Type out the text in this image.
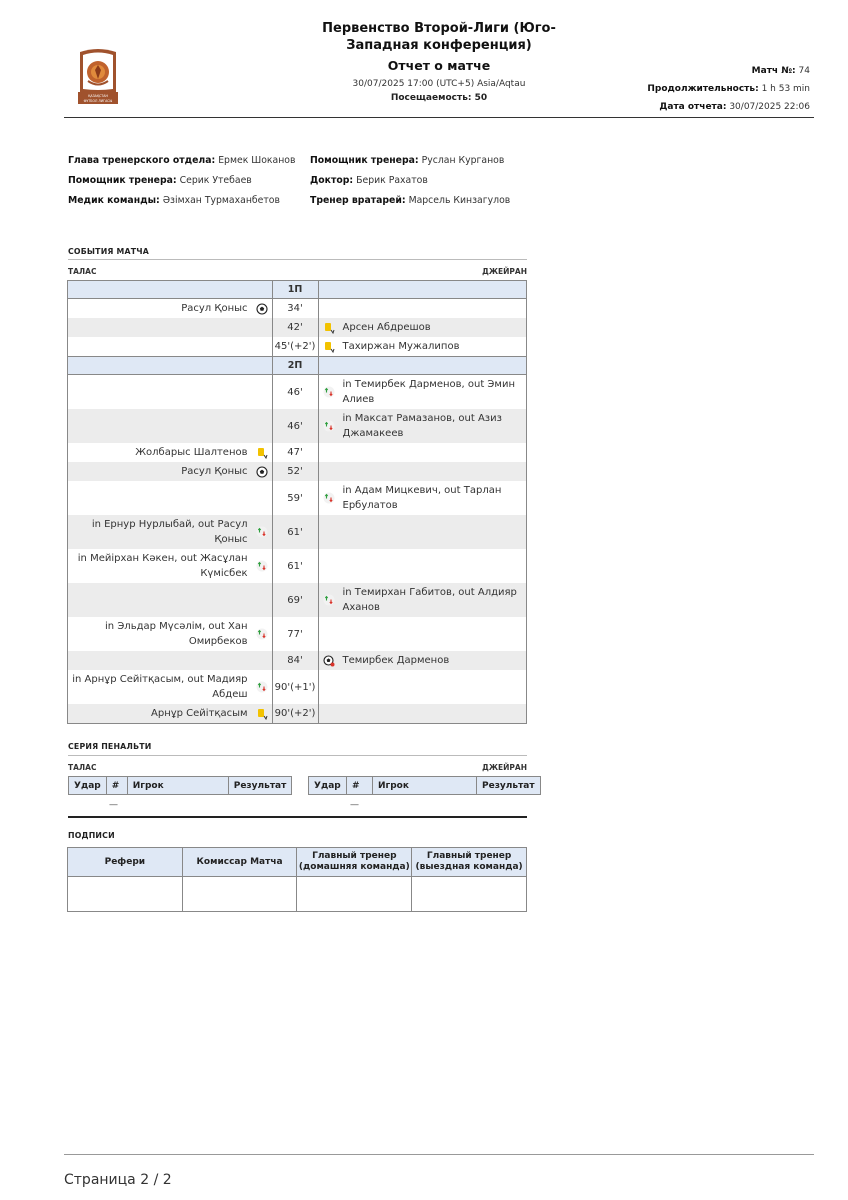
ҚАЗАҚСТАН
ФУТБОЛ ЛИГАСЫ
Первенство Второй-Лиги (Юго-Западная конференция)
Отчет о матче
30/07/2025 17:00 (UTC+5) Asia/Aqtau
Посещаемость: 50
Матч №: 74
Продолжительность: 1 h 53 min
Дата отчета: 30/07/2025 22:06
Глава тренерского отдела: Ермек Шоканов	Помощник тренера: Руслан Курганов
Помощник тренера: Серик Утебаев	Доктор: Берик Рахатов
Медик команды: Әзімхан Турмаханбетов	Тренер вратарей: Марсель Кинзагулов
СОБЫТИЯ МАТЧА
ТАЛАС	ДЖЕЙРАН
	1П	

Расул Қоныс	34'	

	42'	Арсен Абдрешов

	45'(+2')	Тахиржан Мужалипов

	2П	

	46'	in Темирбек Дарменов, out Эмин Алиев

	46'	in Максат Рамазанов, out Азиз Джамакеев

Жолбарыс Шалтенов	47'	

Расул Қоныс	52'	

	59'	in Адам Мицкевич, out Тарлан Ербулатов

in Ернур Нурлыбай, out Расул Қоныс	61'	

in Мейірхан Кәкен, out Жасұлан Күмісбек	61'	

	69'	in Темирхан Габитов, out Алдияр Аханов

in Эльдар Мүсәлім, out Хан Омирбеков	77'	

	84'	Темирбек Дарменов

in Арнұр Сейітқасым, out Мадияр Абдеш	90'(+1')	

Арнұр Сейітқасым	90'(+2')	
СЕРИЯ ПЕНАЛЬТИ
ТАЛАС	ДЖЕЙРАН
Удар	#	Игрок	Результат	Удар	#	Игрок	Результат
—	—
ПОДПИСИ
Рефери	Комиссар Матча	Главный тренер (домашняя команда)	Главный тренер (выездная команда)

Страница 2 / 2
